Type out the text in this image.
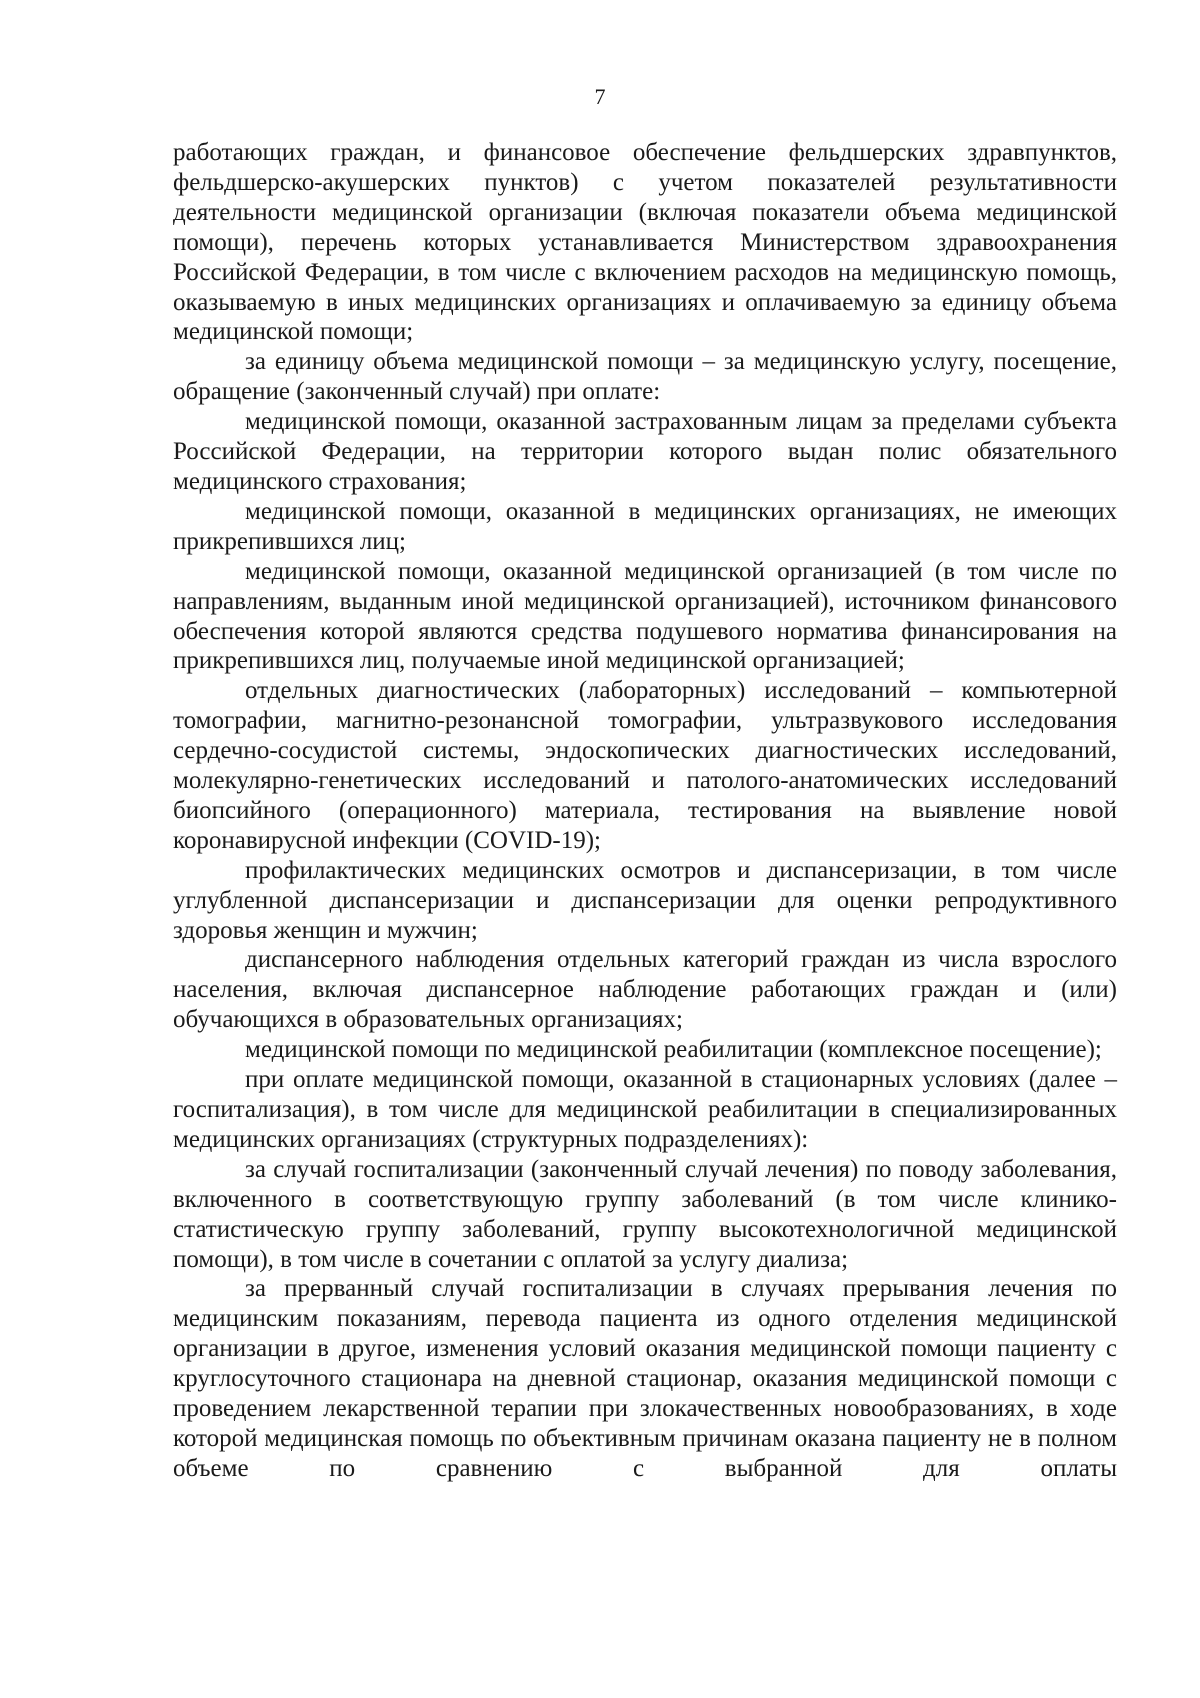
7

работающих граждан, и финансовое обеспечение фельдшерских здравпунктов, фельдшерско-акушерских пунктов) с учетом показателей результативности деятельности медицинской организации (включая показатели объема медицинской помощи), перечень которых устанавливается Министерством здравоохранения Российской Федерации, в том числе с включением расходов на медицинскую помощь, оказываемую в иных медицинских организациях и оплачиваемую за единицу объема медицинской помощи;

за единицу объема медицинской помощи – за медицинскую услугу, посещение, обращение (законченный случай) при оплате:

медицинской помощи, оказанной застрахованным лицам за пределами субъекта Российской Федерации, на территории которого выдан полис обязательного медицинского страхования;

медицинской помощи, оказанной в медицинских организациях, не имеющих прикрепившихся лиц;

медицинской помощи, оказанной медицинской организацией (в том числе по направлениям, выданным иной медицинской организацией), источником финансового обеспечения которой являются средства подушевого норматива финансирования на прикрепившихся лиц, получаемые иной медицинской организацией;

отдельных диагностических (лабораторных) исследований – компьютерной томографии, магнитно-резонансной томографии, ультразвукового исследования сердечно-сосудистой системы, эндоскопических диагностических исследований, молекулярно-генетических исследований и патолого-анатомических исследований биопсийного (операционного) материала, тестирования на выявление новой коронавирусной инфекции (COVID-19);

профилактических медицинских осмотров и диспансеризации, в том числе углубленной диспансеризации и диспансеризации для оценки репродуктивного здоровья женщин и мужчин;

диспансерного наблюдения отдельных категорий граждан из числа взрослого населения, включая диспансерное наблюдение работающих граждан и (или) обучающихся в образовательных организациях;

медицинской помощи по медицинской реабилитации (комплексное посещение);

при оплате медицинской помощи, оказанной в стационарных условиях (далее – госпитализация), в том числе для медицинской реабилитации в специализированных медицинских организациях (структурных подразделениях):

за случай госпитализации (законченный случай лечения) по поводу заболевания, включенного в соответствующую группу заболеваний (в том числе клинико-статистическую группу заболеваний, группу высокотехнологичной медицинской помощи), в том числе в сочетании с оплатой за услугу диализа;

за прерванный случай госпитализации в случаях прерывания лечения по медицинским показаниям, перевода пациента из одного отделения медицинской организации в другое, изменения условий оказания медицинской помощи пациенту с круглосуточного стационара на дневной стационар, оказания медицинской помощи с проведением лекарственной терапии при злокачественных новообразованиях, в ходе которой медицинская помощь по объективным причинам оказана пациенту не в полном объеме по сравнению с выбранной для оплаты
